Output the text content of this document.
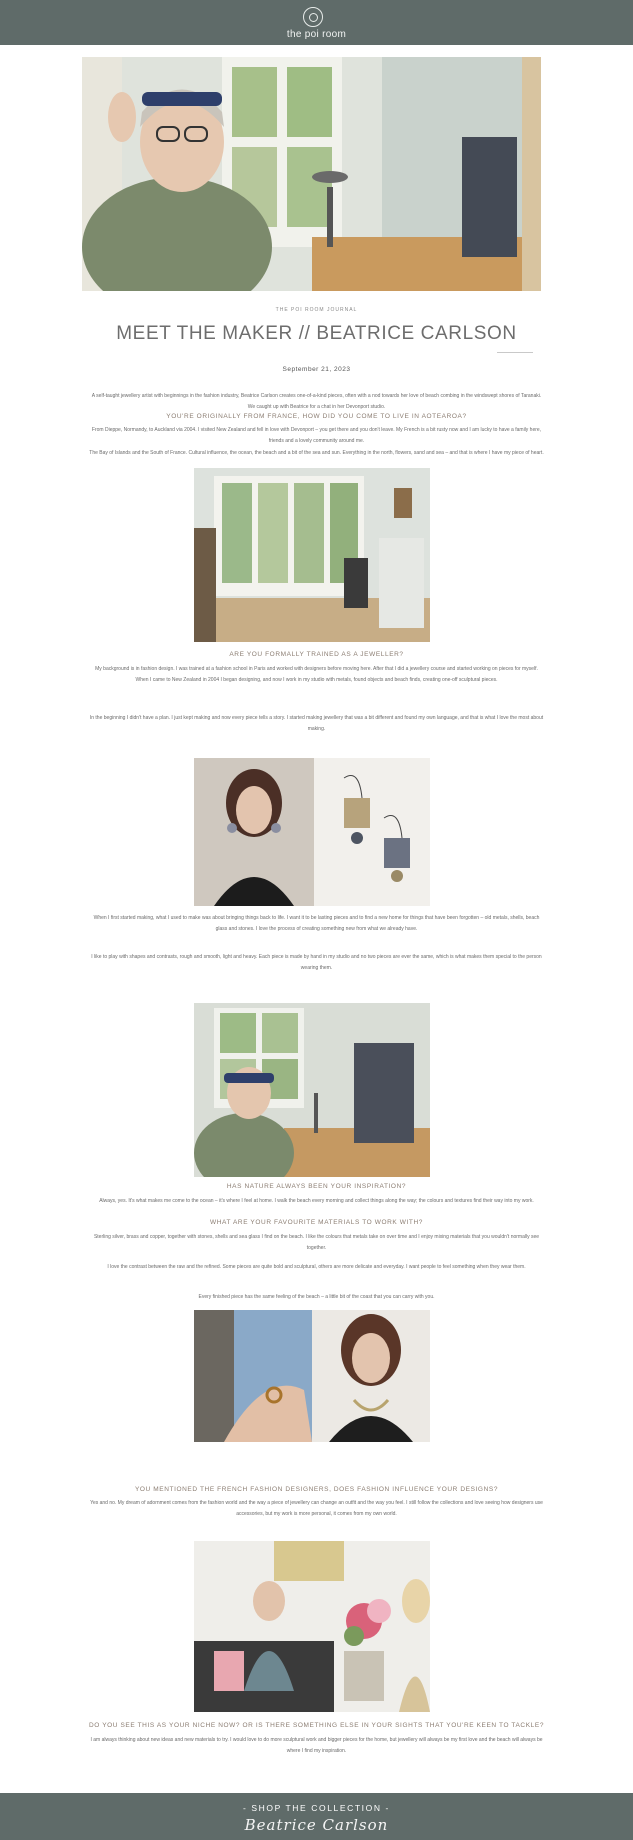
the poi room
THE POI ROOM JOURNAL
MEET THE MAKER // BEATRICE CARLSON
September 21, 2023
A self-taught jewellery artist with beginnings in the fashion industry, Beatrice Carlson creates one-of-a-kind pieces, often with a nod towards her love of beach combing in the windswept shores of Taranaki. We caught up with Beatrice for a chat in her Devonport studio.
YOU'RE ORIGINALLY FROM FRANCE, HOW DID YOU COME TO LIVE IN AOTEAROA?
From Dieppe, Normandy, to Auckland via 2004. I visited New Zealand and fell in love with Devonport – you get there and you don't leave. My French is a bit rusty now and I am lucky to have a family here, friends and a lovely community around me.
The Bay of Islands and the South of France. Cultural influence, the ocean, the beach and a bit of the sea and sun. Everything in the north, flowers, sand and sea – and that is where I have my piece of heart.
ARE YOU FORMALLY TRAINED AS A JEWELLER?
My background is in fashion design. I was trained at a fashion school in Paris and worked with designers before moving here. After that I did a jewellery course and started working on pieces for myself. When I came to New Zealand in 2004 I began designing, and now I work in my studio with metals, found objects and beach finds, creating one-off sculptural pieces.
In the beginning I didn't have a plan. I just kept making and now every piece tells a story. I started making jewellery that was a bit different and found my own language, and that is what I love the most about making.
When I first started making, what I used to make was about bringing things back to life. I want it to be lasting pieces and to find a new home for things that have been forgotten – old metals, shells, beach glass and stones. I love the process of creating something new from what we already have.
I like to play with shapes and contrasts, rough and smooth, light and heavy. Each piece is made by hand in my studio and no two pieces are ever the same, which is what makes them special to the person wearing them.
HAS NATURE ALWAYS BEEN YOUR INSPIRATION?
Always, yes. It's what makes me come to the ocean – it's where I feel at home. I walk the beach every morning and collect things along the way; the colours and textures find their way into my work.
WHAT ARE YOUR FAVOURITE MATERIALS TO WORK WITH?
Sterling silver, brass and copper, together with stones, shells and sea glass I find on the beach. I like the colours that metals take on over time and I enjoy mixing materials that you wouldn't normally see together.
I love the contrast between the raw and the refined. Some pieces are quite bold and sculptural, others are more delicate and everyday. I want people to feel something when they wear them.
Every finished piece has the same feeling of the beach – a little bit of the coast that you can carry with you.
YOU MENTIONED THE FRENCH FASHION DESIGNERS, DOES FASHION INFLUENCE YOUR DESIGNS?
Yes and no. My dream of adornment comes from the fashion world and the way a piece of jewellery can change an outfit and the way you feel. I still follow the collections and love seeing how designers use accessories, but my work is more personal, it comes from my own world.
DO YOU SEE THIS AS YOUR NICHE NOW? OR IS THERE SOMETHING ELSE IN YOUR SIGHTS THAT YOU'RE KEEN TO TACKLE?
I am always thinking about new ideas and new materials to try. I would love to do more sculptural work and bigger pieces for the home, but jewellery will always be my first love and the beach will always be where I find my inspiration.
- SHOP THE COLLECTION -
Beatrice Carlson
